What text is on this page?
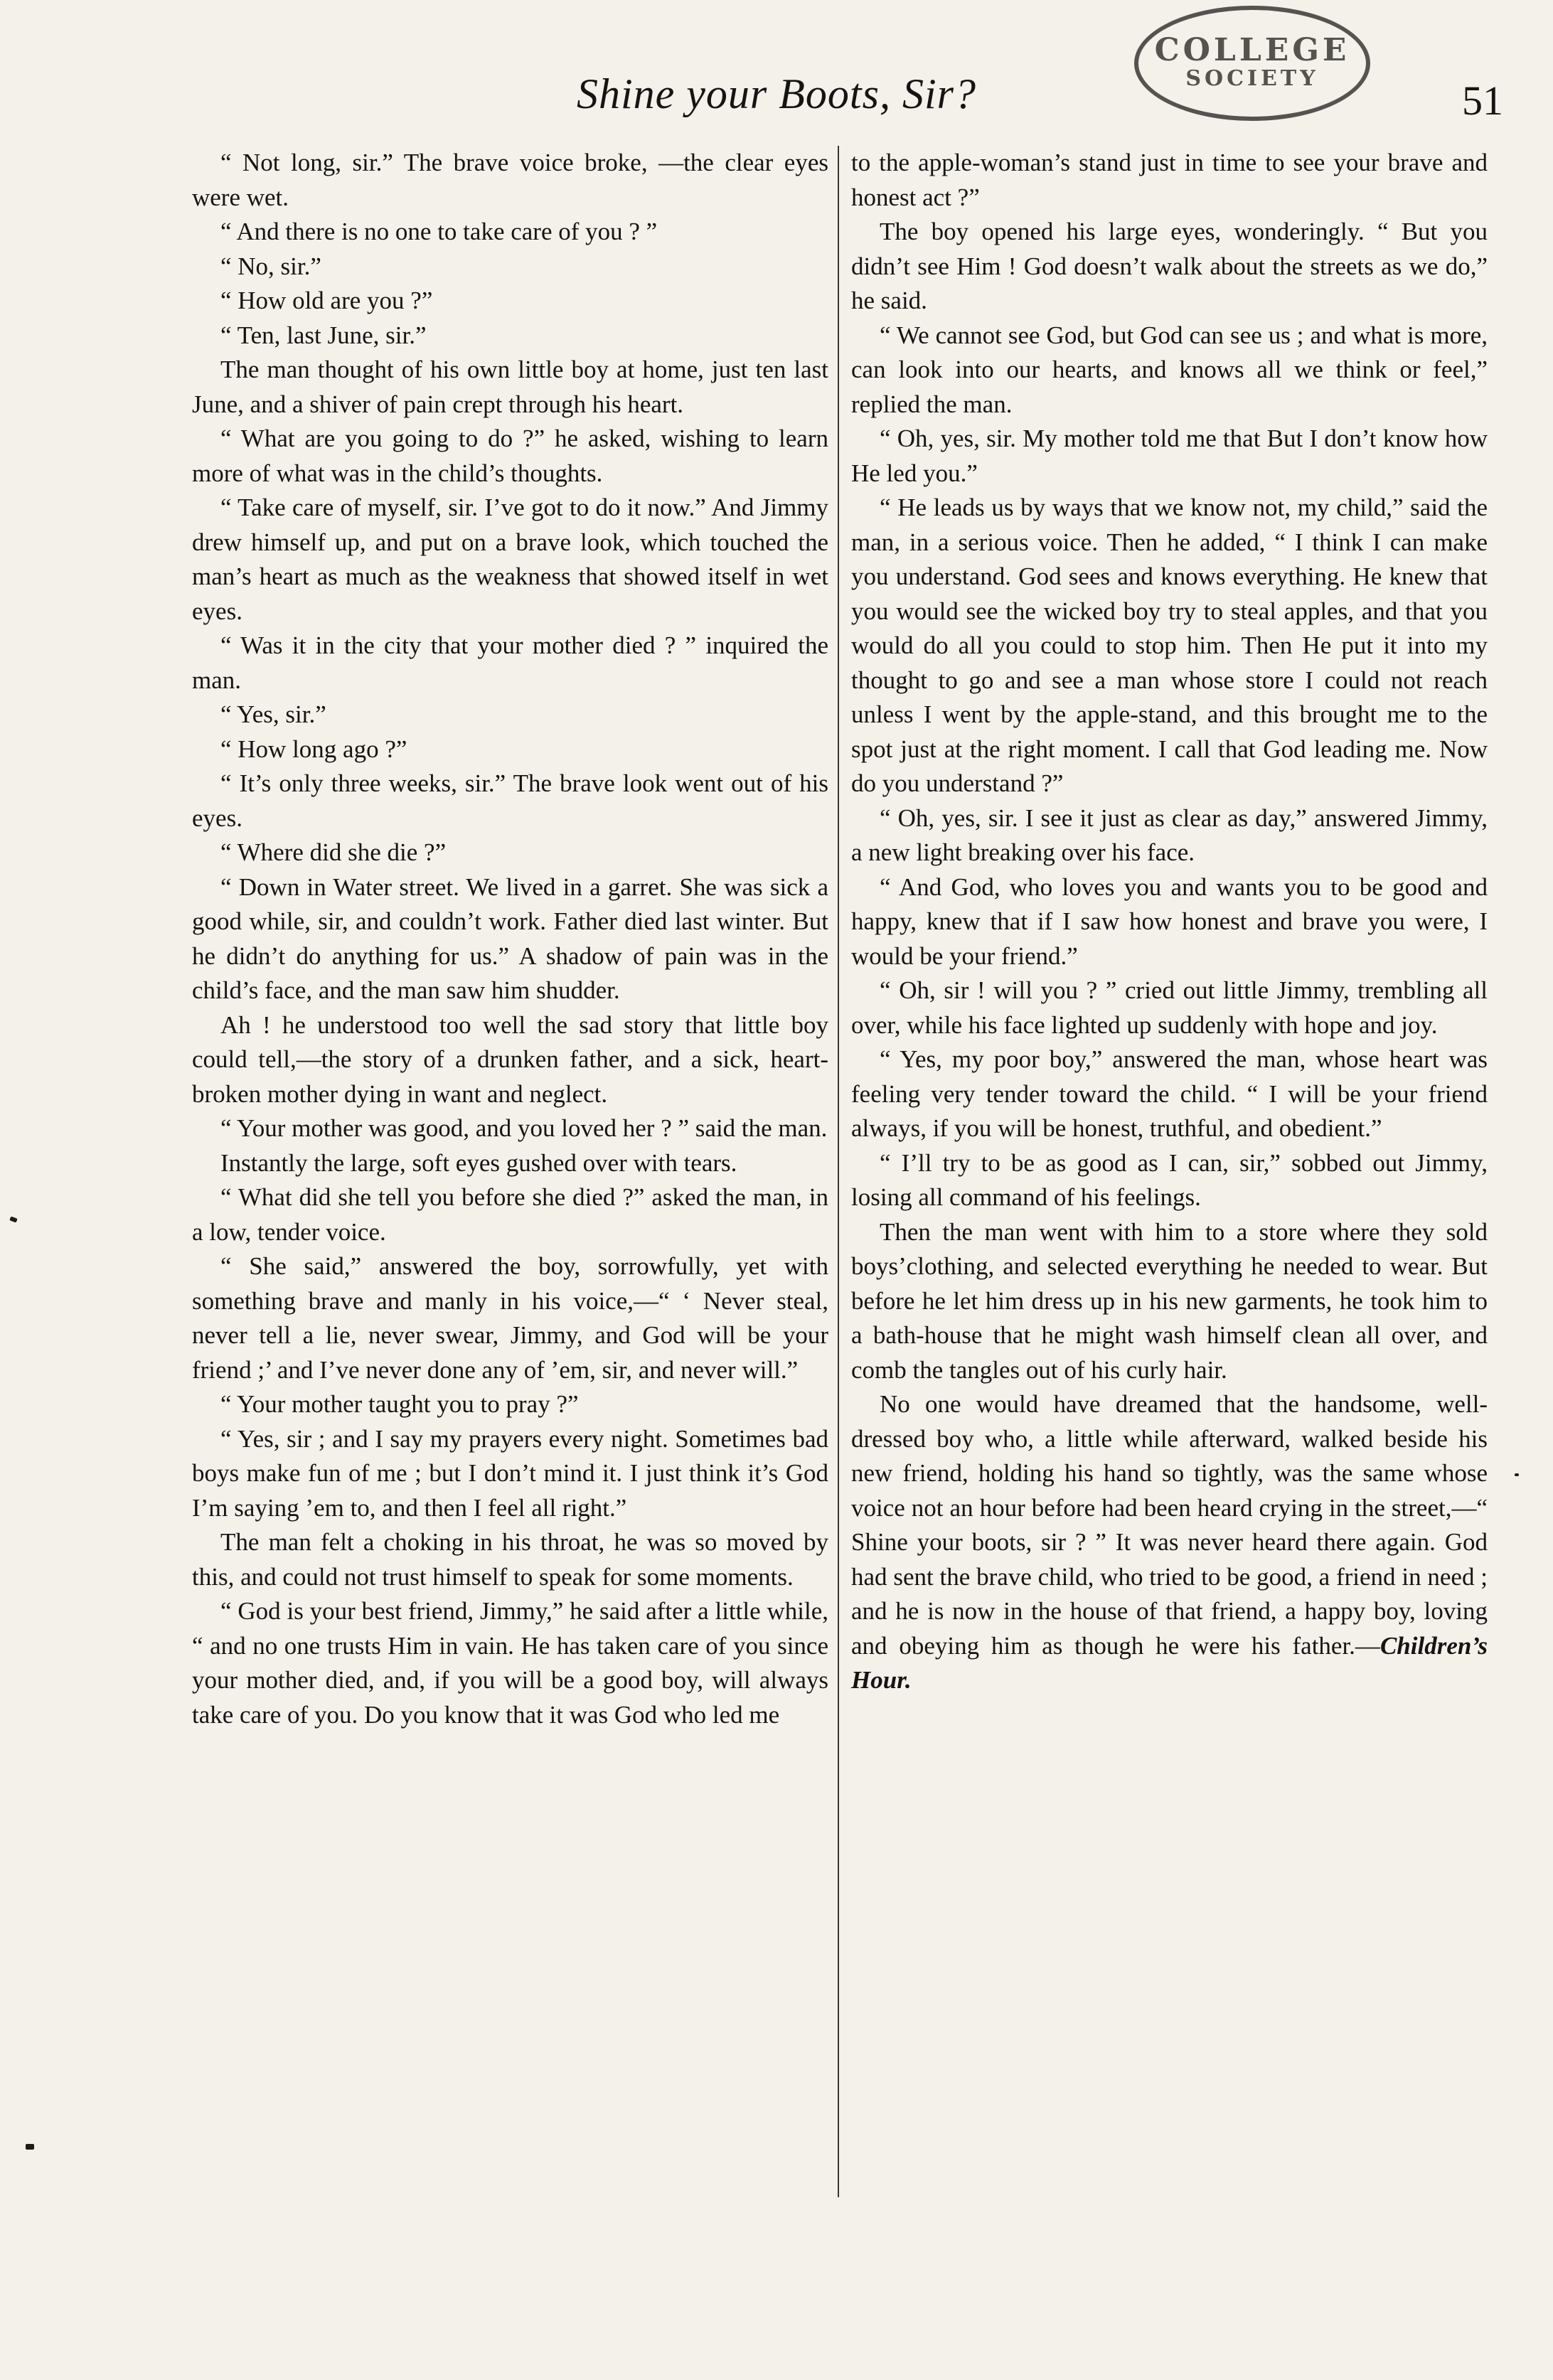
Shine your Boots, Sir?	51
COLLEGE
SOCIETY

“ Not long, sir.” The brave voice broke, —the clear eyes were wet.

“ And there is no one to take care of you ? ”

“ No, sir.”

“ How old are you ?”

“ Ten, last June, sir.”

The man thought of his own little boy at home, just ten last June, and a shiver of pain crept through his heart.

“ What are you going to do ?” he asked, wishing to learn more of what was in the child’s thoughts.

“ Take care of myself, sir. I’ve got to do it now.” And Jimmy drew himself up, and put on a brave look, which touched the man’s heart as much as the weakness that showed itself in wet eyes.

“ Was it in the city that your mother died ? ” inquired the man.

“ Yes, sir.”

“ How long ago ?”

“ It’s only three weeks, sir.” The brave look went out of his eyes.

“ Where did she die ?”

“ Down in Water street. We lived in a garret. She was sick a good while, sir, and couldn’t work. Father died last winter. But he didn’t do anything for us.” A shadow of pain was in the child’s face, and the man saw him shudder.

Ah ! he understood too well the sad story that little boy could tell,—the story of a drunken father, and a sick, heart-broken mother dying in want and neglect.

“ Your mother was good, and you loved her ? ” said the man.

Instantly the large, soft eyes gushed over with tears.

“ What did she tell you before she died ?” asked the man, in a low, tender voice.

“ She said,” answered the boy, sorrowfully, yet with something brave and manly in his voice,—“ ‘ Never steal, never tell a lie, never swear, Jimmy, and God will be your friend ;’ and I’ve never done any of ’em, sir, and never will.”

“ Your mother taught you to pray ?”

“ Yes, sir ; and I say my prayers every night. Sometimes bad boys make fun of me ; but I don’t mind it. I just think it’s God I’m saying ’em to, and then I feel all right.”

The man felt a choking in his throat, he was so moved by this, and could not trust himself to speak for some moments.

“ God is your best friend, Jimmy,” he said after a little while, “ and no one trusts Him in vain. He has taken care of you since your mother died, and, if you will be a good boy, will always take care of you. Do you know that it was God who led me

to the apple-woman’s stand just in time to see your brave and honest act ?”

The boy opened his large eyes, wonderingly. “ But you didn’t see Him ! God doesn’t walk about the streets as we do,” he said.

“ We cannot see God, but God can see us ; and what is more, can look into our hearts, and knows all we think or feel,” replied the man.

“ Oh, yes, sir. My mother told me that But I don’t know how He led you.”

“ He leads us by ways that we know not, my child,” said the man, in a serious voice. Then he added, “ I think I can make you understand. God sees and knows everything. He knew that you would see the wicked boy try to steal apples, and that you would do all you could to stop him. Then He put it into my thought to go and see a man whose store I could not reach unless I went by the apple-stand, and this brought me to the spot just at the right moment. I call that God leading me. Now do you understand ?”

“ Oh, yes, sir. I see it just as clear as day,” answered Jimmy, a new light breaking over his face.

“ And God, who loves you and wants you to be good and happy, knew that if I saw how honest and brave you were, I would be your friend.”

“ Oh, sir ! will you ? ” cried out little Jimmy, trembling all over, while his face lighted up suddenly with hope and joy.

“ Yes, my poor boy,” answered the man, whose heart was feeling very tender toward the child. “ I will be your friend always, if you will be honest, truthful, and obedient.”

“ I’ll try to be as good as I can, sir,” sobbed out Jimmy, losing all command of his feelings.

Then the man went with him to a store where they sold boys’clothing, and selected everything he needed to wear. But before he let him dress up in his new garments, he took him to a bath-house that he might wash himself clean all over, and comb the tangles out of his curly hair.

No one would have dreamed that the handsome, well-dressed boy who, a little while afterward, walked beside his new friend, holding his hand so tightly, was the same whose voice not an hour before had been heard crying in the street,—“ Shine your boots, sir ? ” It was never heard there again. God had sent the brave child, who tried to be good, a friend in need ; and he is now in the house of that friend, a happy boy, loving and obeying him as though he were his father.—Children’s Hour.
